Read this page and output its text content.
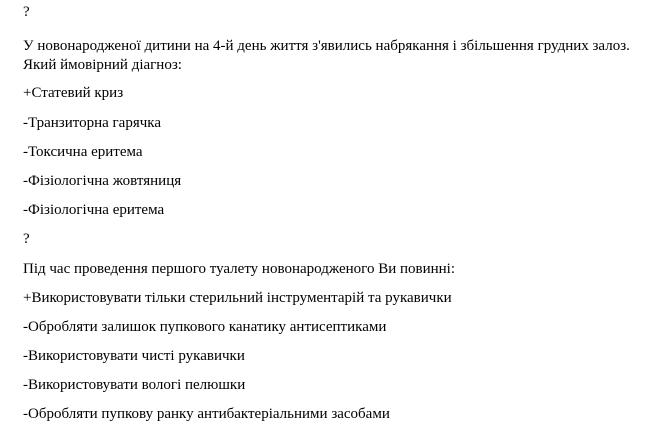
?
У новонародженої дитини на 4-й день життя з'явились набрякання і збільшення грудних залоз. Який ймовірний діагноз:
+Статевий криз
-Транзиторна гарячка
-Токсична еритема
-Фізіологічна жовтяниця
-Фізіологічна еритема
?
Під час проведення першого туалету новонародженого Ви повинні:
+Використовувати тільки стерильний інструментарій та рукавички
-Обробляти залишок пупкового канатику антисептиками
-Використовувати чисті рукавички
-Використовувати вологі пелюшки
-Обробляти пупкову ранку антибактеріальними засобами
